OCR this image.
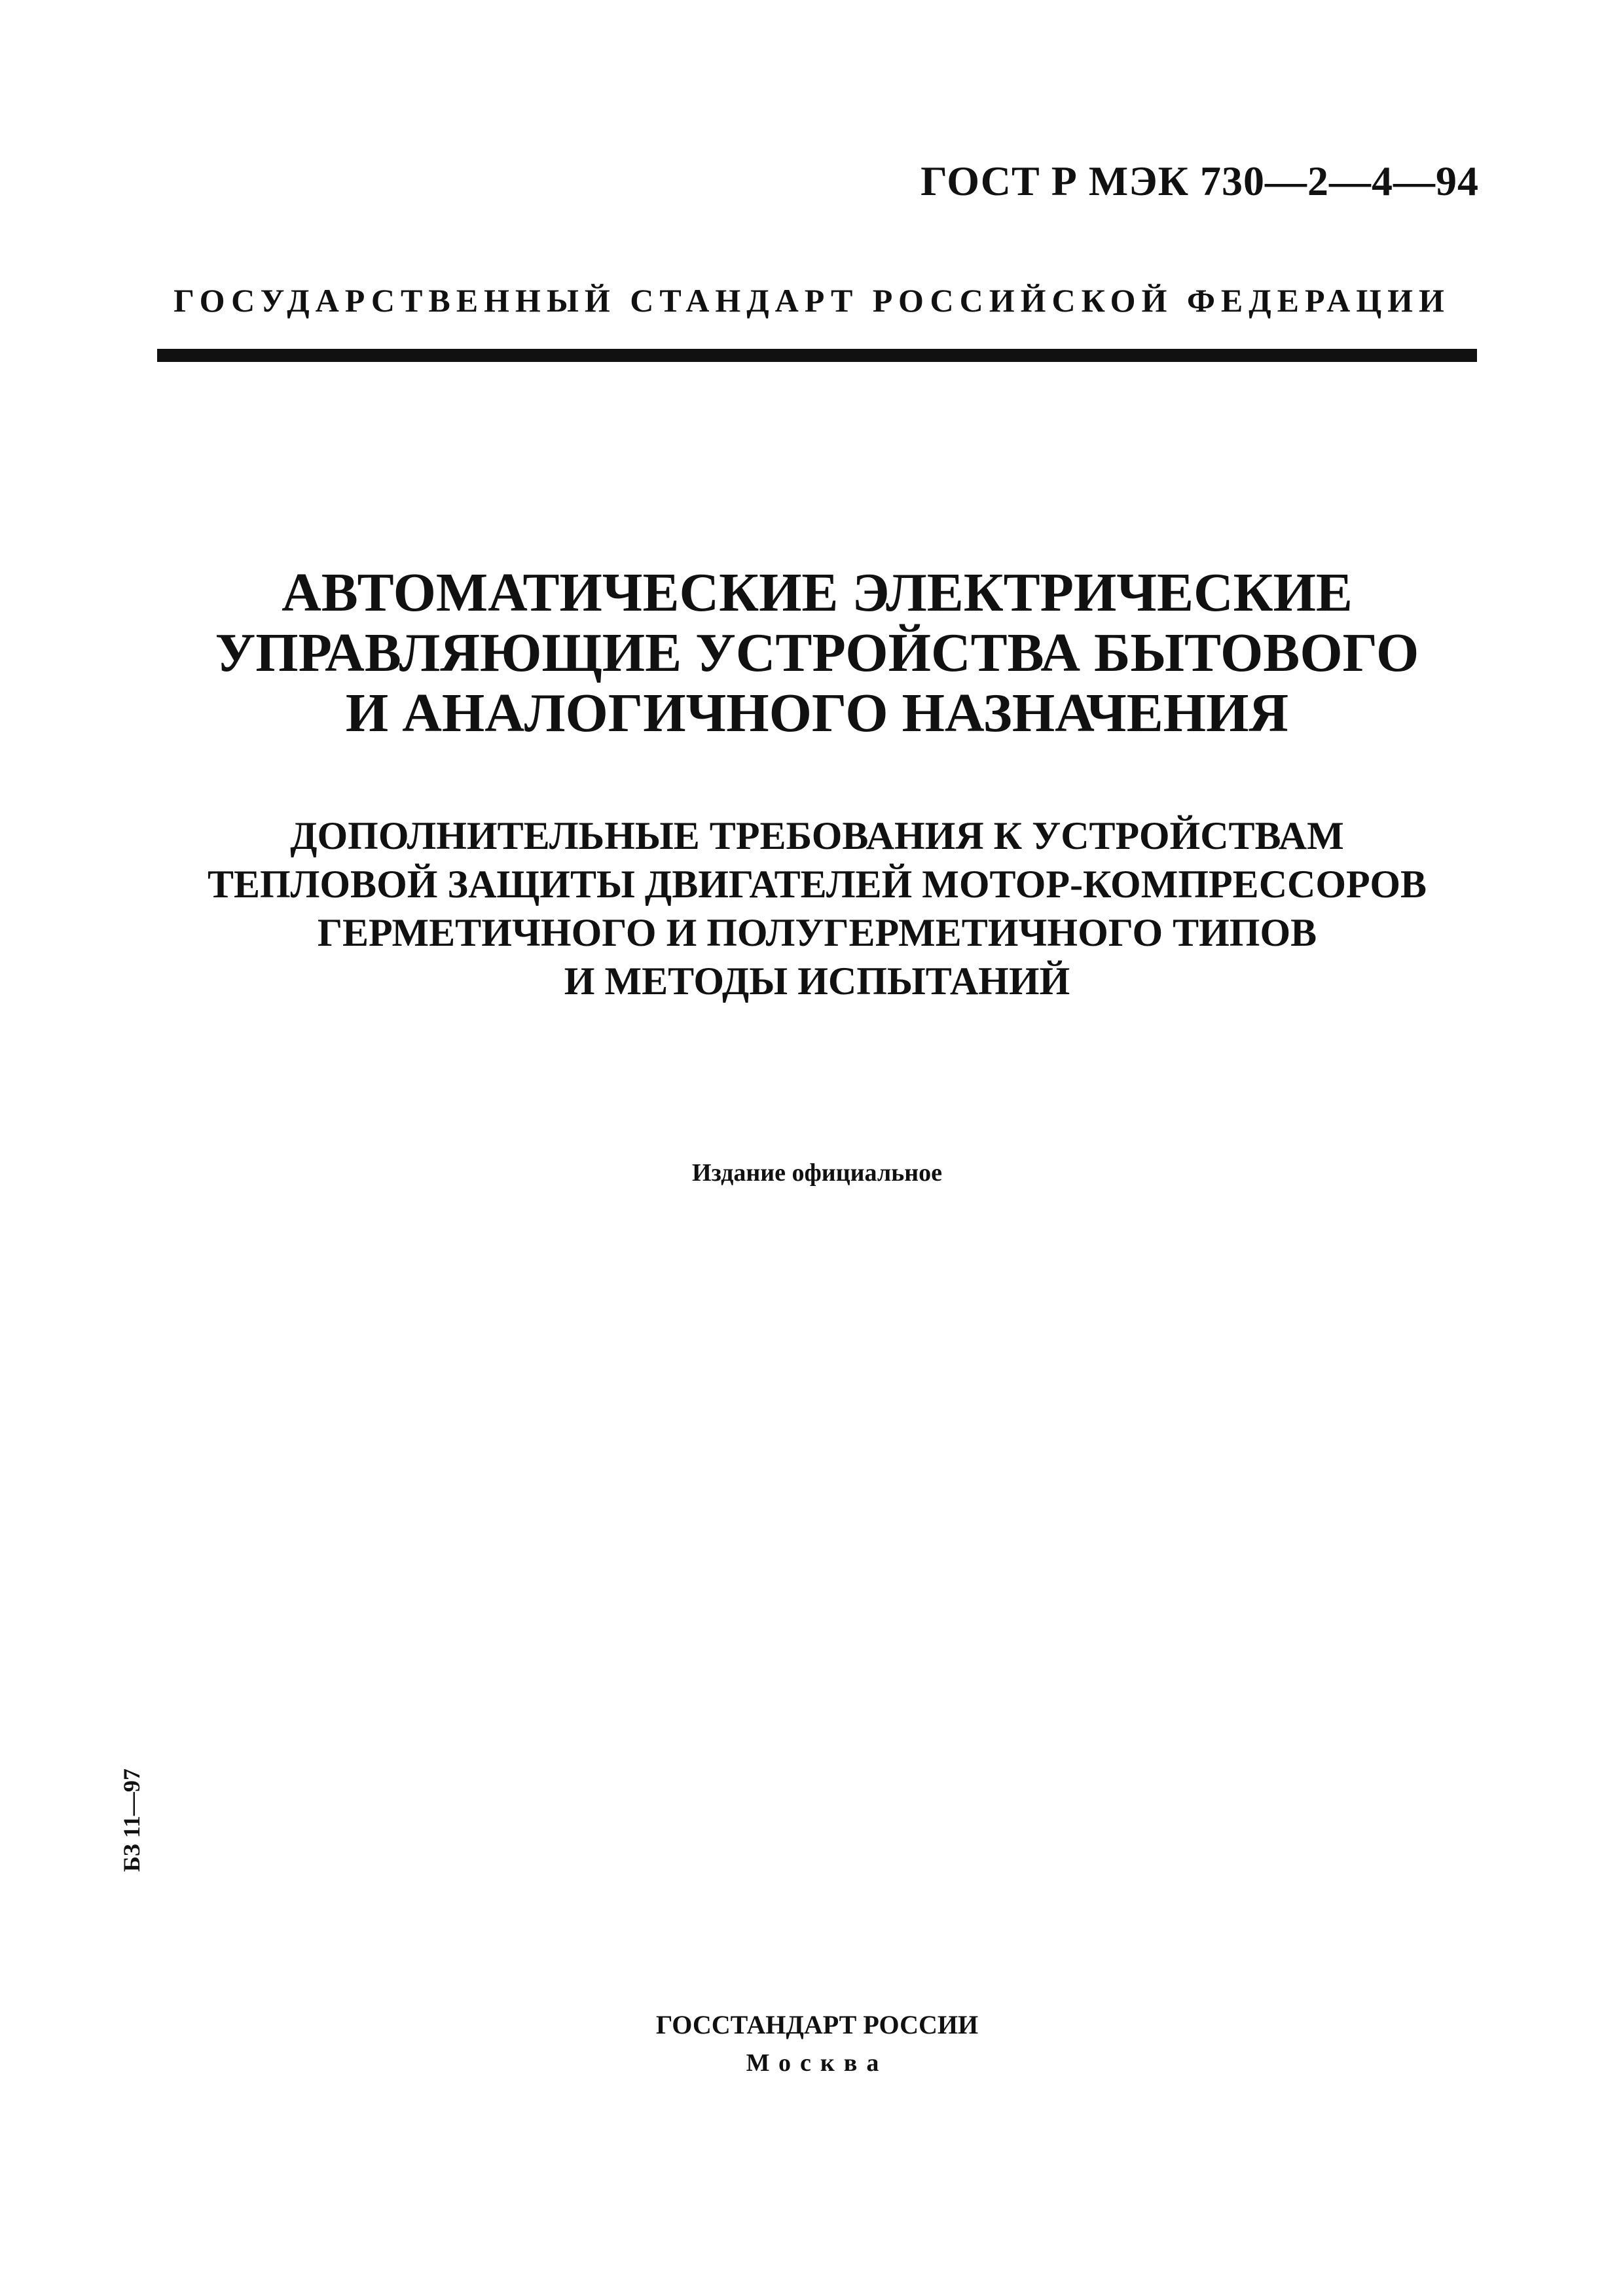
ГОСТ Р МЭК 730—2—4—94
ГОСУДАРСТВЕННЫЙ СТАНДАРТ РОССИЙСКОЙ ФЕДЕРАЦИИ
АВТОМАТИЧЕСКИЕ ЭЛЕКТРИЧЕСКИЕ
УПРАВЛЯЮЩИЕ УСТРОЙСТВА БЫТОВОГО
И АНАЛОГИЧНОГО НАЗНАЧЕНИЯ
ДОПОЛНИТЕЛЬНЫЕ ТРЕБОВАНИЯ К УСТРОЙСТВАМ
ТЕПЛОВОЙ ЗАЩИТЫ ДВИГАТЕЛЕЙ МОТОР-КОМПРЕССОРОВ
ГЕРМЕТИЧНОГО И ПОЛУГЕРМЕТИЧНОГО ТИПОВ
И МЕТОДЫ ИСПЫТАНИЙ
Издание официальное
БЗ 11—97
ГОССТАНДАРТ РОССИИ
Москва
